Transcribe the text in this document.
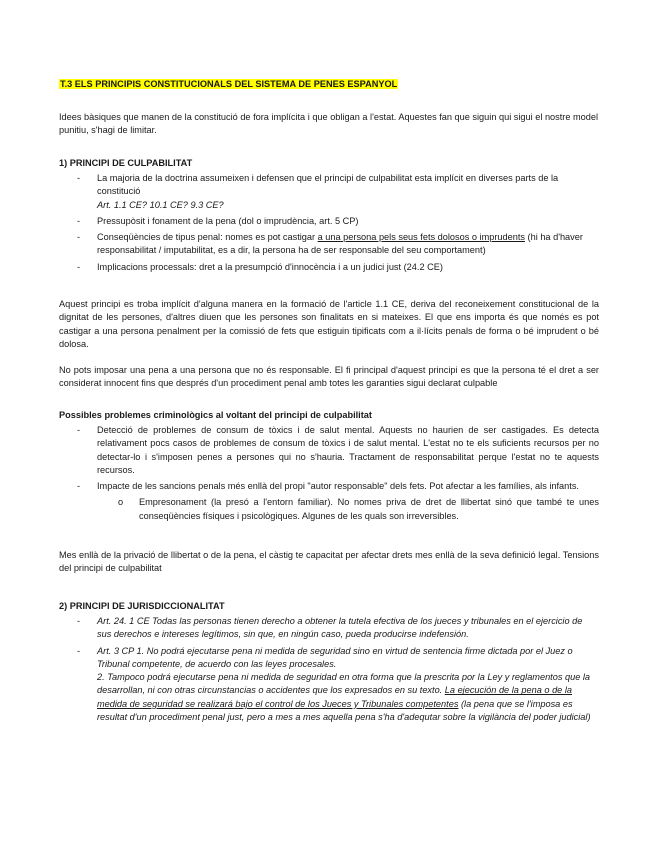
T.3 ELS PRINCIPIS CONSTITUCIONALS DEL SISTEMA DE PENES ESPANYOL
Idees bàsiques que manen de la constitució de fora implícita i que obligan a l'estat. Aquestes fan que siguin qui sigui el nostre model punitiu, s'hagi de limitar.
1) PRINCIPI DE CULPABILITAT
- La majoria de la doctrina assumeixen i defensen que el principi de culpabilitat esta implícit en diverses parts de la constitució
Art. 1.1 CE? 10.1 CE? 9.3 CE?
- Pressupòsit i fonament de la pena (dol o imprudència, art. 5 CP)
- Conseqüències de tipus penal: nomes es pot castigar a una persona pels seus fets dolosos o imprudents (hi ha d'haver responsabilitat / imputabilitat, es a dir, la persona ha de ser responsable del seu comportament)
- Implicacions processals: dret a la presumpció d'innocència i a un judici just (24.2 CE)
Aquest principi es troba implícit d'alguna manera en la formació de l'article 1.1 CE, deriva del reconeixement constitucional de la dignitat de les persones, d'altres diuen que les persones son finalitats en si mateixes. El que ens importa és que només es pot castigar a una persona penalment per la comissió de fets que estiguin tipificats com a il·lícits penals de forma o bé imprudent o bé dolosa.
No pots imposar una pena a una persona que no és responsable. El fi principal d'aquest principi es que la persona té el dret a ser considerat innocent fins que després d'un procediment penal amb totes les garanties sigui declarat culpable
Possibles problemes criminològics al voltant del principi de culpabilitat
- Detecció de problemes de consum de tòxics i de salut mental. Aquests no haurien de ser castigades. Es detecta relativament pocs casos de problemes de consum de tòxics i de salut mental. L'estat no te els suficients recursos per no detectar-lo i s'imposen penes a persones qui no s'hauria. Tractament de responsabilitat perque l'estat no te aquests recursos.
- Impacte de les sancions penals més enllà del propi "autor responsable" dels fets. Pot afectar a les famílies, als infants.
o Empresonament (la presó a l'entorn familiar). No nomes priva de dret de llibertat sinó que també te unes conseqüències físiques i psicològiques. Algunes de les quals son irreversibles.
Mes enllà de la privació de llibertat o de la pena, el càstig te capacitat per afectar drets mes enllà de la seva definició legal. Tensions del principi de culpabilitat
2) PRINCIPI DE JURISDICCIONALITAT
- Art. 24. 1 CE Todas las personas tienen derecho a obtener la tutela efectiva de los jueces y tribunales en el ejercicio de sus derechos e intereses legítimos, sin que, en ningún caso, pueda producirse indefensión.
- Art. 3 CP 1. No podrá ejecutarse pena ni medida de seguridad sino en virtud de sentencia firme dictada por el Juez o Tribunal competente, de acuerdo con las leyes procesales.
2. Tampoco podrá ejecutarse pena ni medida de seguridad en otra forma que la prescrita por la Ley y reglamentos que la desarrollan, ni con otras circunstancias o accidentes que los expresados en su texto. La ejecución de la pena o de la medida de seguridad se realizará bajo el control de los Jueces y Tribunales competentes (la pena que se l'imposa es resultat d'un procediment penal just, pero a mes a mes aquella pena s'ha d'adequtar sobre la vigilància del poder judicial)
